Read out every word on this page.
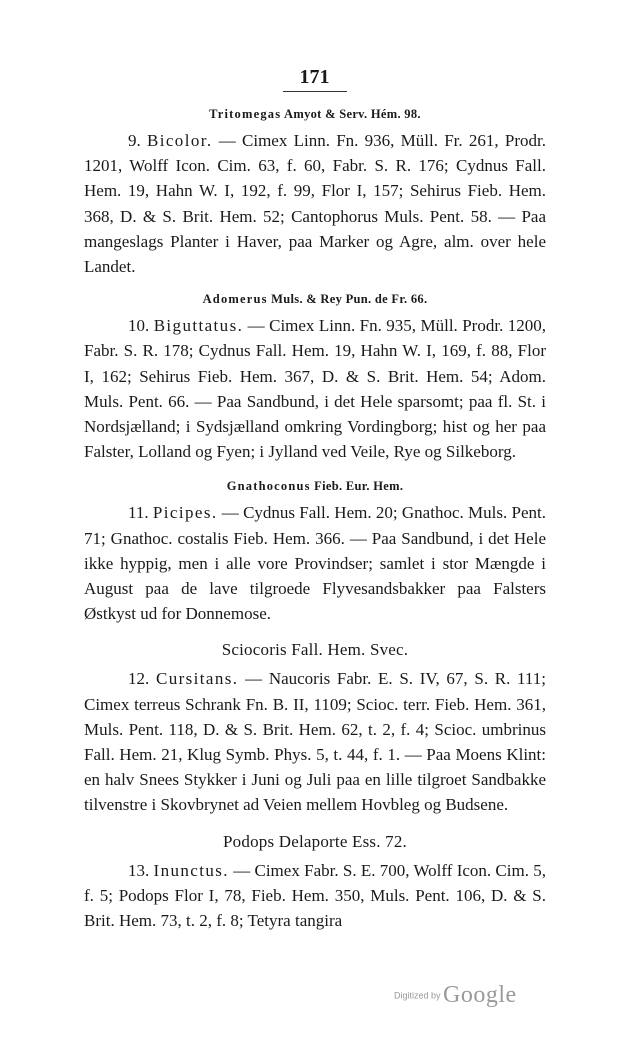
171

Tritomegas Amyot & Serv. Hém. 98.

9. Bicolor. — Cimex Linn. Fn. 936, Müll. Fr. 261, Prodr. 1201, Wolff Icon. Cim. 63, f. 60, Fabr. S. R. 176; Cydnus Fall. Hem. 19, Hahn W. I, 192, f. 99, Flor I, 157; Sehirus Fieb. Hem. 368, D. & S. Brit. Hem. 52; Cantophorus Muls. Pent. 58. — Paa mangeslags Planter i Haver, paa Marker og Agre, alm. over hele Landet.

Adomerus Muls. & Rey Pun. de Fr. 66.

10. Biguttatus. — Cimex Linn. Fn. 935, Müll. Prodr. 1200, Fabr. S. R. 178; Cydnus Fall. Hem. 19, Hahn W. I, 169, f. 88, Flor I, 162; Sehirus Fieb. Hem. 367, D. & S. Brit. Hem. 54; Adom. Muls. Pent. 66. — Paa Sandbund, i det Hele sparsomt; paa fl. St. i Nordsjælland; i Sydsjælland omkring Vordingborg; hist og her paa Falster, Lolland og Fyen; i Jylland ved Veile, Rye og Silkeborg.

Gnathoconus Fieb. Eur. Hem.

11. Picipes. — Cydnus Fall. Hem. 20; Gnathoc. Muls. Pent. 71; Gnathoc. costalis Fieb. Hem. 366. — Paa Sandbund, i det Hele ikke hyppig, men i alle vore Provindser; samlet i stor Mængde i August paa de lave tilgroede Flyvesandsbakker paa Falsters Østkyst ud for Donnemose.

Sciocoris Fall. Hem. Svec.

12. Cursitans. — Naucoris Fabr. E. S. IV, 67, S. R. 111; Cimex terreus Schrank Fn. B. II, 1109; Scioc. terr. Fieb. Hem. 361, Muls. Pent. 118, D. & S. Brit. Hem. 62, t. 2, f. 4; Scioc. umbrinus Fall. Hem. 21, Klug Symb. Phys. 5, t. 44, f. 1. — Paa Moens Klint: en halv Snees Stykker i Juni og Juli paa en lille tilgroet Sandbakke tilvenstre i Skovbrynet ad Veien mellem Hovbleg og Budsene.

Podops Delaporte Ess. 72.

13. Inunctus. — Cimex Fabr. S. E. 700, Wolff Icon. Cim. 5, f. 5; Podops Flor I, 78, Fieb. Hem. 350, Muls. Pent. 106, D. & S. Brit. Hem. 73, t. 2, f. 8; Tetyra tangira

Digitized by Google
